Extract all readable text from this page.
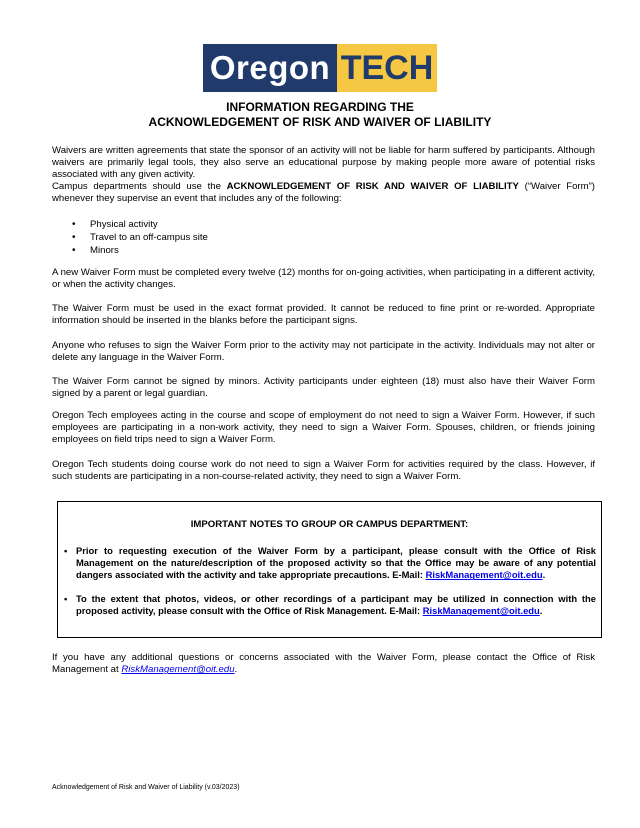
Oregon TECH
INFORMATION REGARDING THE
ACKNOWLEDGEMENT OF RISK AND WAIVER OF LIABILITY

Waivers are written agreements that state the sponsor of an activity will not be liable for harm suffered by participants. Although waivers are primarily legal tools, they also serve an educational purpose by making people more aware of potential risks associated with any given activity.

Campus departments should use the ACKNOWLEDGEMENT OF RISK AND WAIVER OF LIABILITY (“Waiver Form”) whenever they supervise an event that includes any of the following:

• Physical activity
• Travel to an off-campus site
• Minors

A new Waiver Form must be completed every twelve (12) months for on-going activities, when participating in a different activity, or when the activity changes.

The Waiver Form must be used in the exact format provided. It cannot be reduced to fine print or re-worded. Appropriate information should be inserted in the blanks before the participant signs.

Anyone who refuses to sign the Waiver Form prior to the activity may not participate in the activity. Individuals may not alter or delete any language in the Waiver Form.

The Waiver Form cannot be signed by minors. Activity participants under eighteen (18) must also have their Waiver Form signed by a parent or legal guardian.

Oregon Tech employees acting in the course and scope of employment do not need to sign a Waiver Form. However, if such employees are participating in a non-work activity, they need to sign a Waiver Form. Spouses, children, or friends joining employees on field trips need to sign a Waiver Form.

Oregon Tech students doing course work do not need to sign a Waiver Form for activities required by the class. However, if such students are participating in a non-course-related activity, they need to sign a Waiver Form.

IMPORTANT NOTES TO GROUP OR CAMPUS DEPARTMENT:
• Prior to requesting execution of the Waiver Form by a participant, please consult with the Office of Risk Management on the nature/description of the proposed activity so that the Office may be aware of any potential dangers associated with the activity and take appropriate precautions. E-Mail: RiskManagement@oit.edu.
• To the extent that photos, videos, or other recordings of a participant may be utilized in connection with the proposed activity, please consult with the Office of Risk Management. E-Mail: RiskManagement@oit.edu.

If you have any additional questions or concerns associated with the Waiver Form, please contact the Office of Risk Management at RiskManagement@oit.edu.

Acknowledgement of Risk and Waiver of Liability (v.03/2023)
